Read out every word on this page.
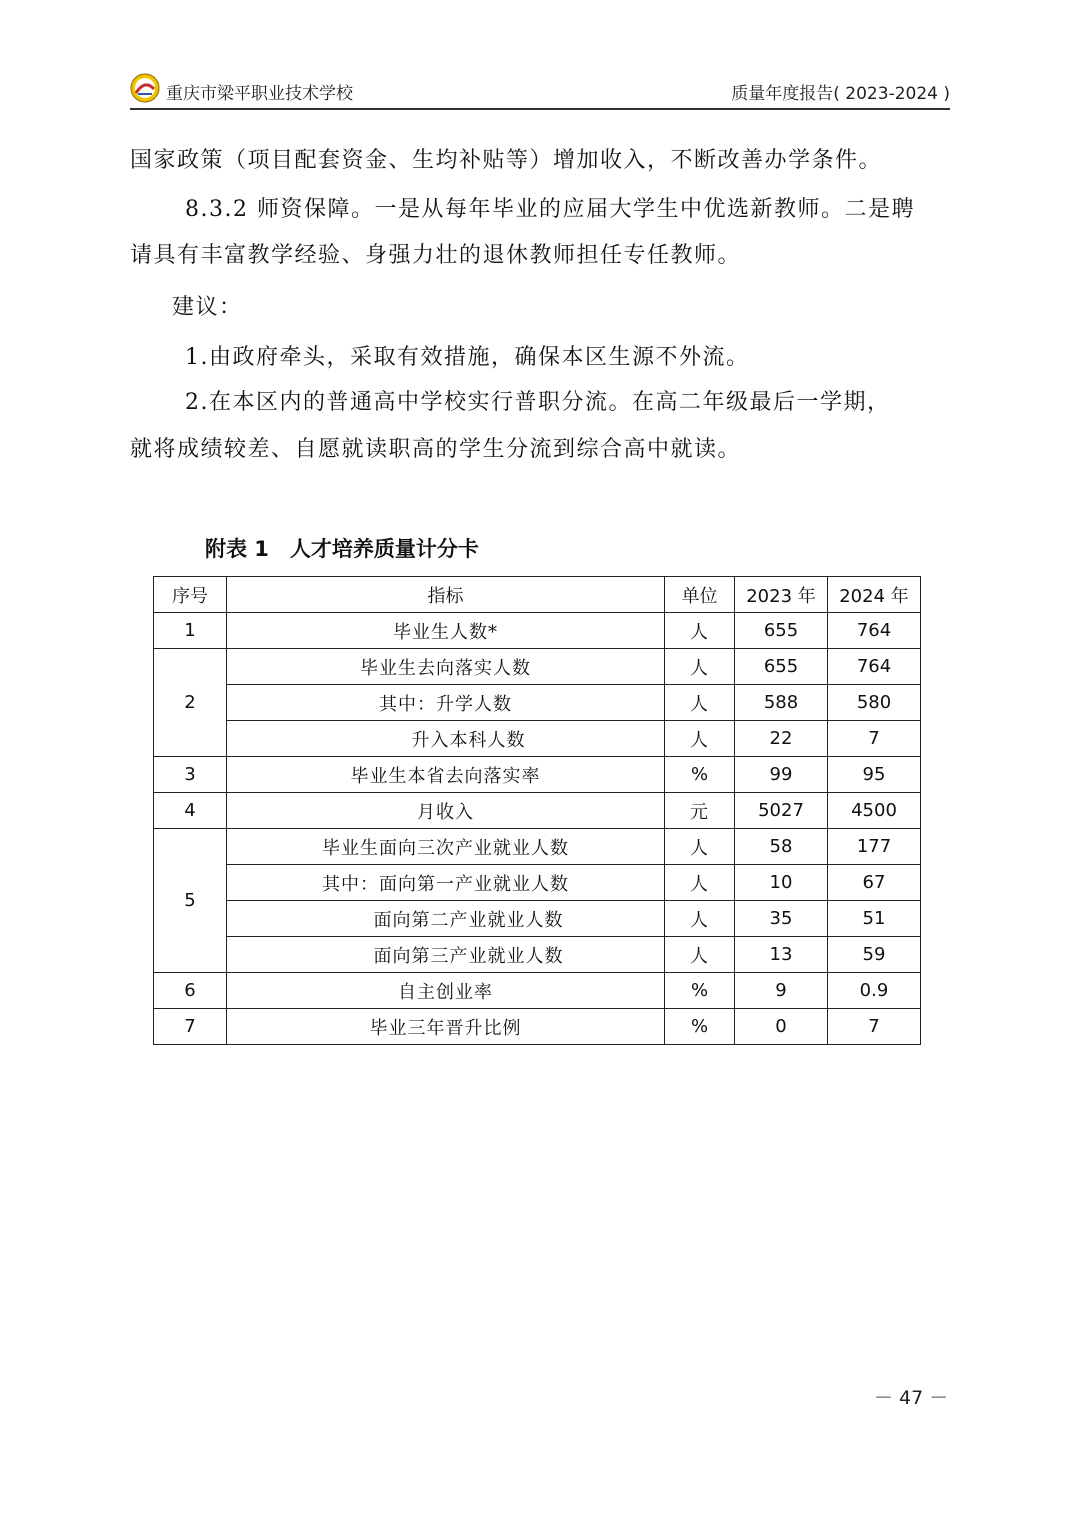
重庆市梁平职业技术学校	质量年度报告( 2023-2024 )
国家政策（项目配套资金、生均补贴等）增加收入，不断改善办学条件。
8.3.2 师资保障。一是从每年毕业的应届大学生中优选新教师。二是聘
请具有丰富教学经验、身强力壮的退休教师担任专任教师。
建议：
1.由政府牵头，采取有效措施，确保本区生源不外流。
2.在本区内的普通高中学校实行普职分流。在高二年级最后一学期，
就将成绩较差、自愿就读职高的学生分流到综合高中就读。
附表 1　人才培养质量计分卡
序号	指标	单位	2023 年	2024 年
1	毕业生人数*	人	655	764
2	毕业生去向落实人数	人	655	764
	其中：升学人数	人	588	580
	升入本科人数	人	22	7
3	毕业生本省去向落实率	%	99	95
4	月收入	元	5027	4500
5	毕业生面向三次产业就业人数	人	58	177
	其中：面向第一产业就业人数	人	10	67
	面向第二产业就业人数	人	35	51
	面向第三产业就业人数	人	13	59
6	自主创业率	%	9	0.9
7	毕业三年晋升比例	%	0	7
－ 47 －
